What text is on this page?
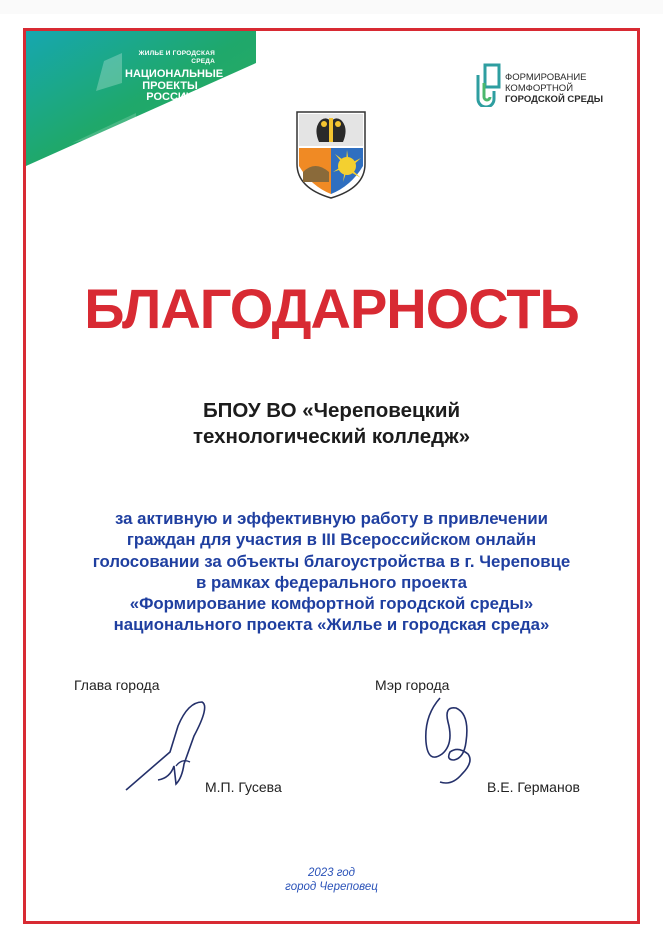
ЖИЛЬЕ И ГОРОДСКАЯ СРЕДА
НАЦИОНАЛЬНЫЕ ПРОЕКТЫ РОССИИ
ФОРМИРОВАНИЕ
КОМФОРТНОЙ
ГОРОДСКОЙ СРЕДЫ
БЛАГОДАРНОСТЬ
БПОУ ВО «Череповецкий
технологический колледж»
за активную и эффективную работу в привлечении
граждан для участия в III Всероссийском онлайн
голосовании за объекты благоустройства в г. Череповце
в рамках федерального проекта
«Формирование комфортной городской среды»
национального проекта «Жилье и городская среда»
Глава города
М.П. Гусева
Мэр города
В.Е. Германов
2023 год
город Череповец
